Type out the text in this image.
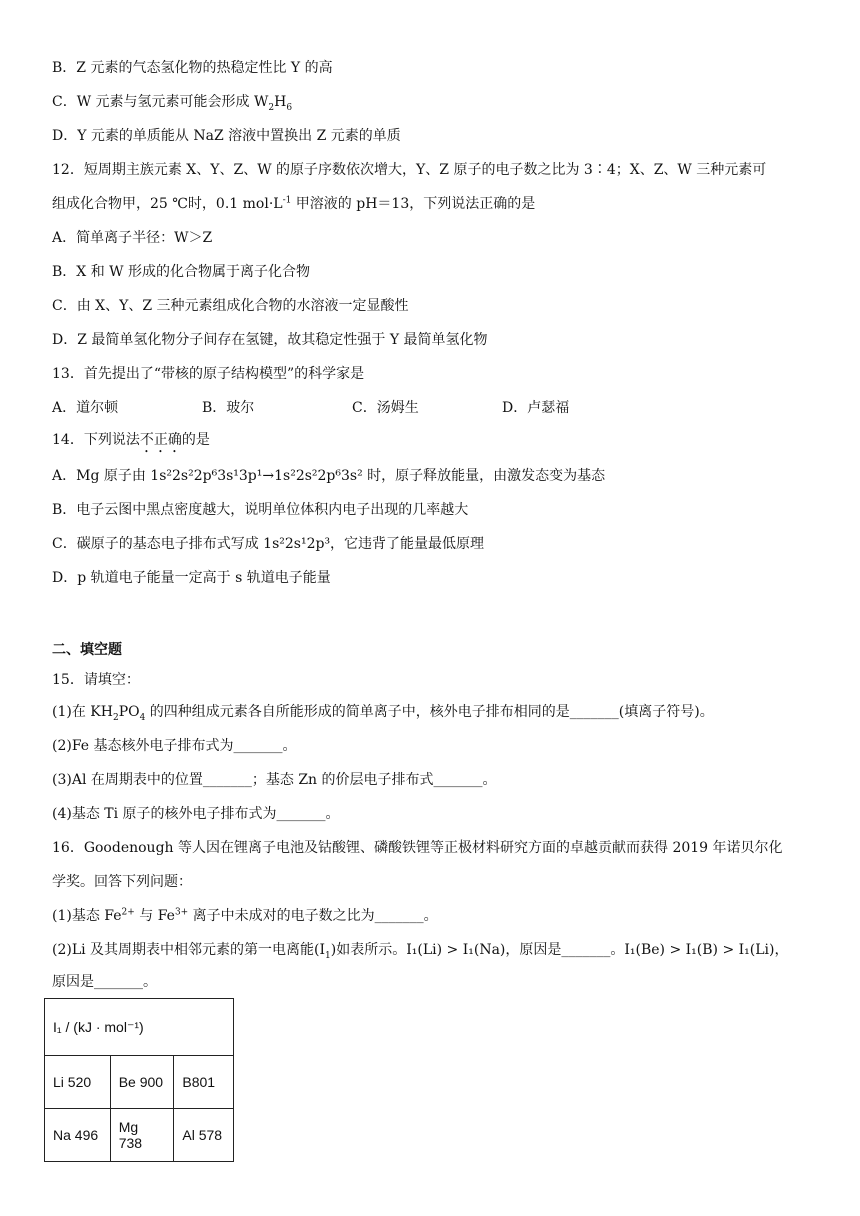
B．Z 元素的气态氢化物的热稳定性比 Y 的高
C．W 元素与氢元素可能会形成 $W_2H_6$
D．Y 元素的单质能从 NaZ 溶液中置换出 Z 元素的单质
12．短周期主族元素 X、Y、Z、W 的原子序数依次增大，Y、Z 原子的电子数之比为 3∶4；X、Z、W 三种元素可
组成化合物甲，25 ℃时，0.1 $mol\cdot L^{-1}$ 甲溶液的 pH＝13，下列说法正确的是
A．简单离子半径：W＞Z
B．X 和 W 形成的化合物属于离子化合物
C．由 X、Y、Z 三种元素组成化合物的水溶液一定显酸性
D．Z 最简单氢化物分子间存在氢键，故其稳定性强于 Y 最简单氢化物
13．首先提出了“带核的原子结构模型”的科学家是
A．道尔顿	B．玻尔	C．汤姆生	D．卢瑟福
14．下列说法不正确的是
A．Mg 原子由 1s²2s²2p⁶3s¹3p¹→1s²2s²2p⁶3s² 时，原子释放能量，由激发态变为基态
B．电子云图中黑点密度越大，说明单位体积内电子出现的几率越大
C．碳原子的基态电子排布式写成 1s²2s¹2p³，它违背了能量最低原理
D．p 轨道电子能量一定高于 s 轨道电子能量
二、填空题
15．请填空：
(1)在 $KH_2PO_4$ 的四种组成元素各自所能形成的简单离子中，核外电子排布相同的是_______(填离子符号)。
(2)Fe 基态核外电子排布式为_______。
(3)Al 在周期表中的位置_______；基态 Zn 的价层电子排布式_______。
(4)基态 Ti 原子的核外电子排布式为_______。
16．Goodenough 等人因在锂离子电池及钴酸锂、磷酸铁锂等正极材料研究方面的卓越贡献而获得 2019 年诺贝尔化
学奖。回答下列问题：
(1)基态 $Fe^{2+}$ 与 $Fe^{3+}$ 离子中未成对的电子数之比为_______。
(2)Li 及其周期表中相邻元素的第一电离能$(I_1)$如表所示。I₁(Li) > I₁(Na)，原因是_______。I₁(Be) > I₁(B) > I₁(Li)，
原因是_______。
I₁ / (kJ · mol⁻¹)		
Li 520	Be 900	B801
Na 496	Mg 738	Al 578
